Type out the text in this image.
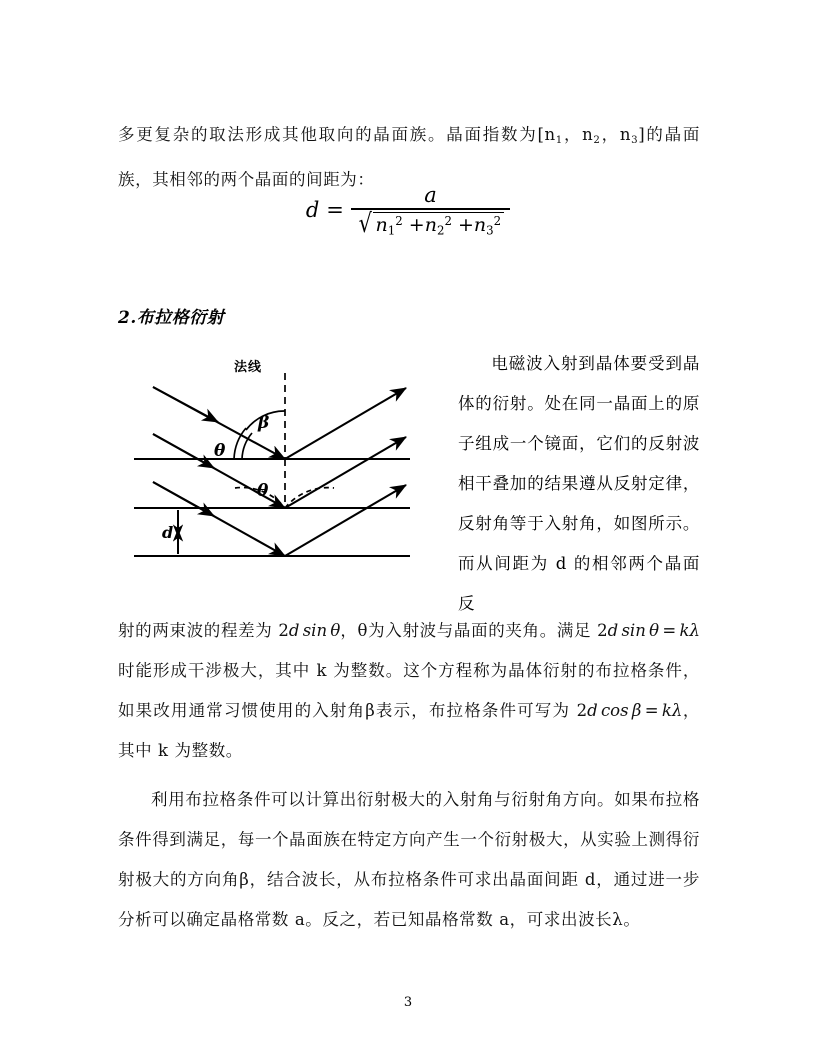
多更复杂的取法形成其他取向的晶面族。晶面指数为[$n_1$，$n_2$，$n_3$]的晶面族，其相邻的两个晶面的间距为：

$d = \frac{a}{√ n_1^2 +n_2^2 +n_3^2}$
2.布拉格衍射
β
θ
θ
d
法线	电磁波入射到晶体要受到晶体的衍射。处在同一晶面上的原子组成一个镜面，它们的反射波相干叠加的结果遵从反射定律，反射角等于入射角，如图所示。而从间距为 d 的相邻两个晶面反

射的两束波的程差为 2d  sin  θ，θ为入射波与晶面的夹角。满足 2d  sin  θ  =  kλ时能形成干涉极大，其中 k 为整数。这个方程称为晶体衍射的布拉格条件，如果改用通常习惯使用的入射角β表示，布拉格条件可写为 2d  cos  β  =  kλ，其中 k 为整数。

利用布拉格条件可以计算出衍射极大的入射角与衍射角方向。如果布拉格条件得到满足，每一个晶面族在特定方向产生一个衍射极大，从实验上测得衍射极大的方向角β，结合波长，从布拉格条件可求出晶面间距 d，通过进一步分析可以确定晶格常数 a。反之，若已知晶格常数 a，可求出波长λ。

3
